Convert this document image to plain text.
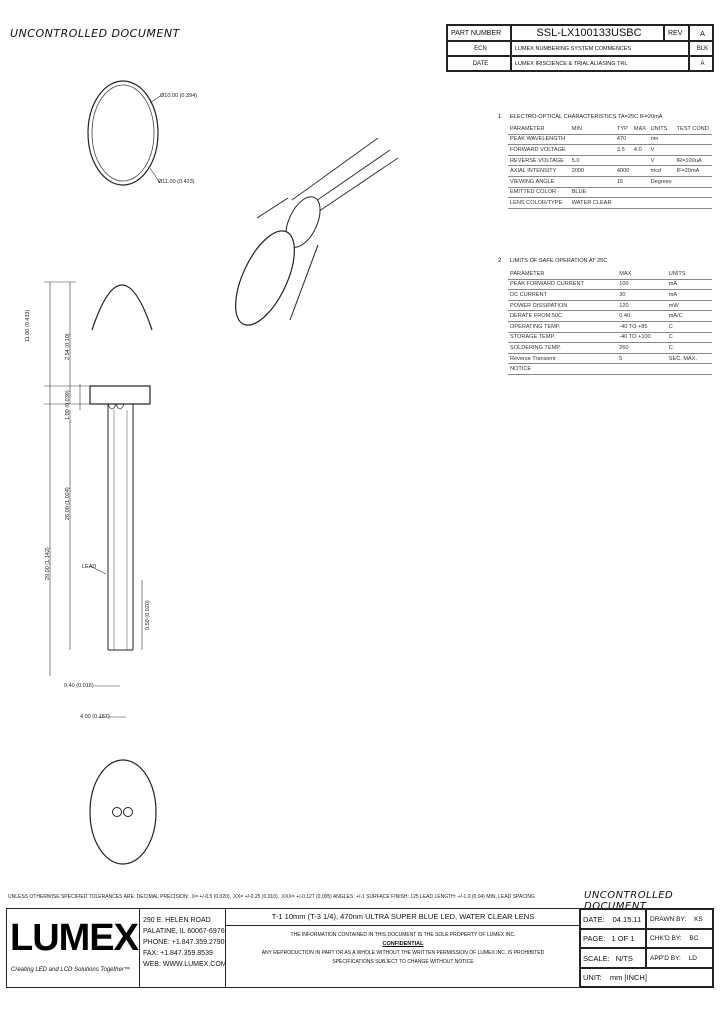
UNCONTROLLED DOCUMENT	PART NUMBER	SSL-LX100133USBC	REV	A
ECN	LUMEX NUMBERING SYSTEM COMMENCES	BLK
DATE	LUMEX IRISCIENCE & TRIAL ALIASING TRL	A
Ø10.00 (0.394)
Ø11.00 (0.433)
11.00 (0.433)
2.54 (0.10)
1.00 (0.039)
26.00 (1.024)
29.00 (1.142)
0.50 (0.020)
LEAD
0.40 (0.016)
4.00 (0.157)
1 ELECTRO-OPTICAL CHARACTERISTICS TA=25C IF=20mA
PARAMETER	MIN	TYP	MAX	UNITS	TEST COND
PEAK WAVELENGTH		470		nm	
FORWARD VOLTAGE		3.5	4.0	V	
REVERSE VOLTAGE	5.0			V	IR=100uA
AXIAL INTENSITY	2000	4000		mcd	IF=20mA
VIEWING ANGLE		15		Degrees	
EMITTED COLOR	BLUE				
LENS COLOR/TYPE	WATER CLEAR				
2 LIMITS OF SAFE OPERATION AT 25C
PARAMETER	MAX	UNITS
PEAK FORWARD CURRENT	100	mA
DC CURRENT	30	mA
POWER DISSIPATION	120	mW
DERATE FROM 50C	0.40	mA/C
OPERATING TEMP.	-40 TO +85	C
STORAGE TEMP.	-40 TO +100	C
SOLDERING TEMP.	260	C
Reverse Transient	5	SEC. MAX.
NOTICE		
UNLESS OTHERWISE SPECIFIED TOLERANCES ARE: DECIMAL PRECISION: .X= +/-0.5 (0.020), .XX= +/-0.25 (0.010), .XXX= +/-0.127 (0.005) ANGLES: +/-1 SURFACE FINISH: 125 LEAD LENGTH: +/-1.0 (0.04) MIN. LEAD SPACING	UNCONTROLLED DOCUMENT
LUMEX
Creating LED and LCD Solutions Together™
290 E. HELEN ROAD
PALATINE, IL 60067-6976
PHONE: +1.847.359.2790
FAX: +1.847.359.8539
WEB: WWW.LUMEX.COM
T-1 10mm (T-3 1/4), 470nm ULTRA SUPER BLUE LED, WATER CLEAR LENS
THE INFORMATION CONTAINED IN THIS DOCUMENT IS THE SOLE PROPERTY OF LUMEX INC.
CONFIDENTIAL
ANY REPRODUCTION IN PART OR AS A WHOLE WITHOUT THE WRITTEN PERMISSION OF LUMEX INC. IS PROHIBITED
SPECIFICATIONS SUBJECT TO CHANGE WITHOUT NOTICE
DATE: 04.15.11	DRAWN BY: KS
PAGE: 1 OF 1	CHK'D BY: BC
SCALE: N/TS	APP'D BY: LD
UNIT: mm [INCH]
